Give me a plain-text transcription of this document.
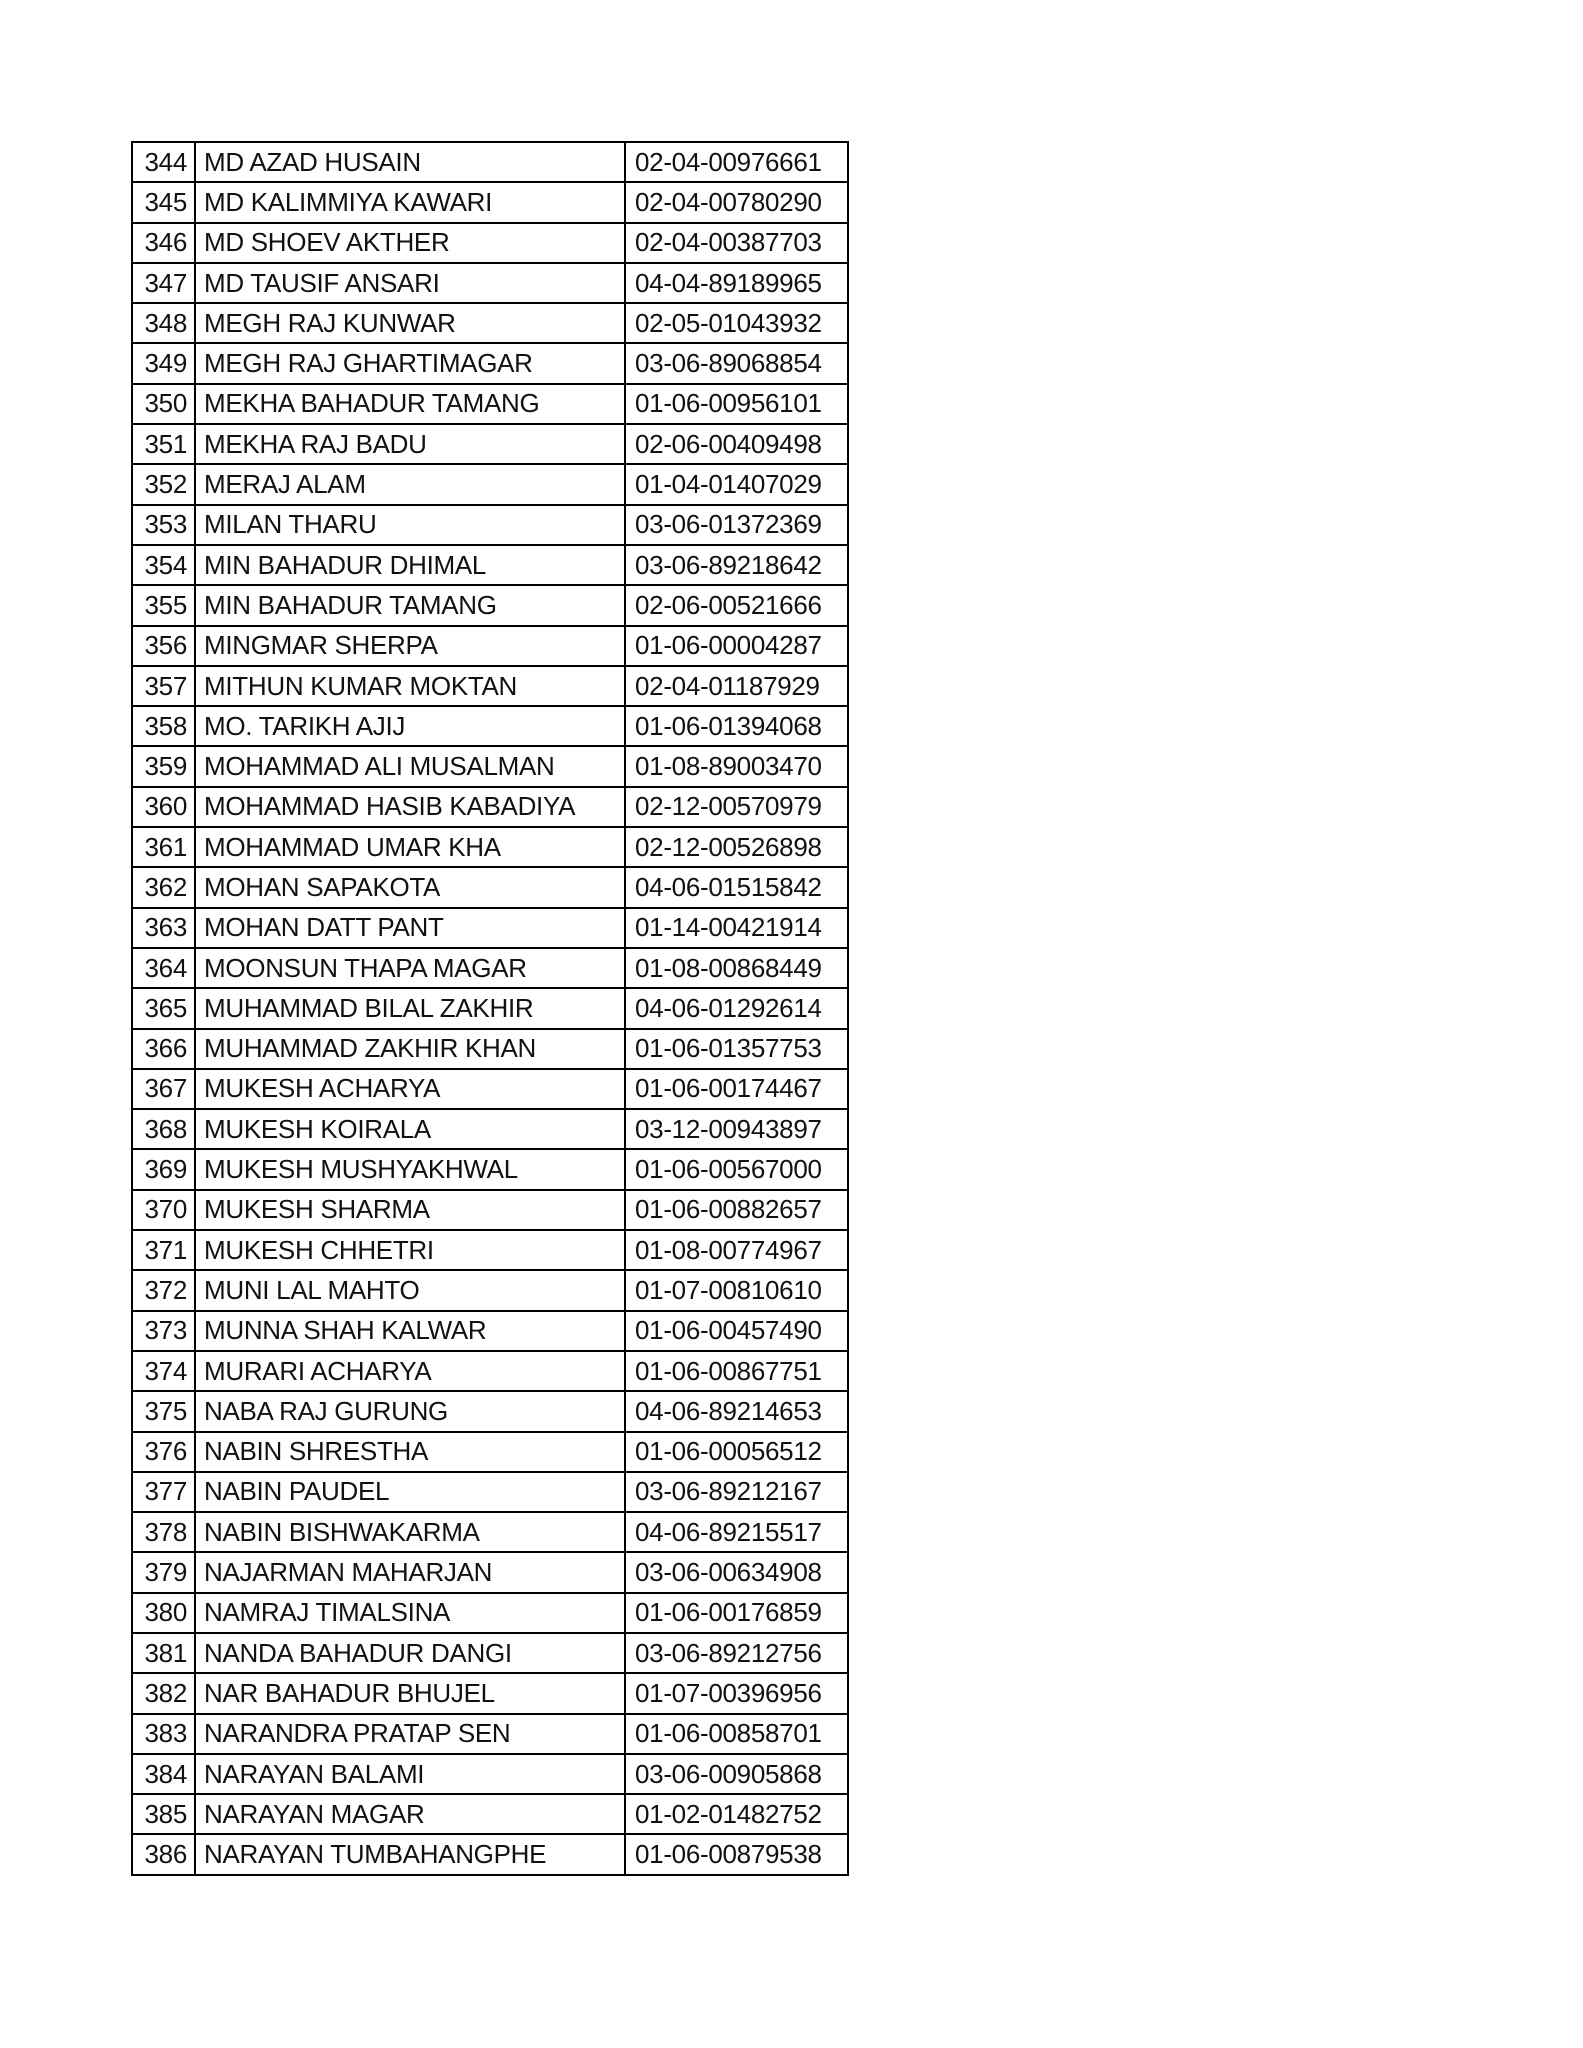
344	MD AZAD HUSAIN	02-04-00976661
345	MD KALIMMIYA KAWARI	02-04-00780290
346	MD SHOEV AKTHER	02-04-00387703
347	MD TAUSIF ANSARI	04-04-89189965
348	MEGH RAJ KUNWAR	02-05-01043932
349	MEGH RAJ GHARTIMAGAR	03-06-89068854
350	MEKHA BAHADUR TAMANG	01-06-00956101
351	MEKHA RAJ BADU	02-06-00409498
352	MERAJ ALAM	01-04-01407029
353	MILAN THARU	03-06-01372369
354	MIN BAHADUR DHIMAL	03-06-89218642
355	MIN BAHADUR TAMANG	02-06-00521666
356	MINGMAR SHERPA	01-06-00004287
357	MITHUN KUMAR MOKTAN	02-04-01187929
358	MO. TARIKH AJIJ	01-06-01394068
359	MOHAMMAD ALI MUSALMAN	01-08-89003470
360	MOHAMMAD HASIB KABADIYA	02-12-00570979
361	MOHAMMAD UMAR KHA	02-12-00526898
362	MOHAN SAPAKOTA	04-06-01515842
363	MOHAN DATT PANT	01-14-00421914
364	MOONSUN THAPA MAGAR	01-08-00868449
365	MUHAMMAD BILAL ZAKHIR	04-06-01292614
366	MUHAMMAD ZAKHIR KHAN	01-06-01357753
367	MUKESH ACHARYA	01-06-00174467
368	MUKESH KOIRALA	03-12-00943897
369	MUKESH MUSHYAKHWAL	01-06-00567000
370	MUKESH SHARMA	01-06-00882657
371	MUKESH CHHETRI	01-08-00774967
372	MUNI LAL MAHTO	01-07-00810610
373	MUNNA SHAH KALWAR	01-06-00457490
374	MURARI ACHARYA	01-06-00867751
375	NABA RAJ GURUNG	04-06-89214653
376	NABIN SHRESTHA	01-06-00056512
377	NABIN PAUDEL	03-06-89212167
378	NABIN BISHWAKARMA	04-06-89215517
379	NAJARMAN MAHARJAN	03-06-00634908
380	NAMRAJ TIMALSINA	01-06-00176859
381	NANDA BAHADUR DANGI	03-06-89212756
382	NAR BAHADUR BHUJEL	01-07-00396956
383	NARANDRA PRATAP SEN	01-06-00858701
384	NARAYAN BALAMI	03-06-00905868
385	NARAYAN MAGAR	01-02-01482752
386	NARAYAN TUMBAHANGPHE	01-06-00879538
